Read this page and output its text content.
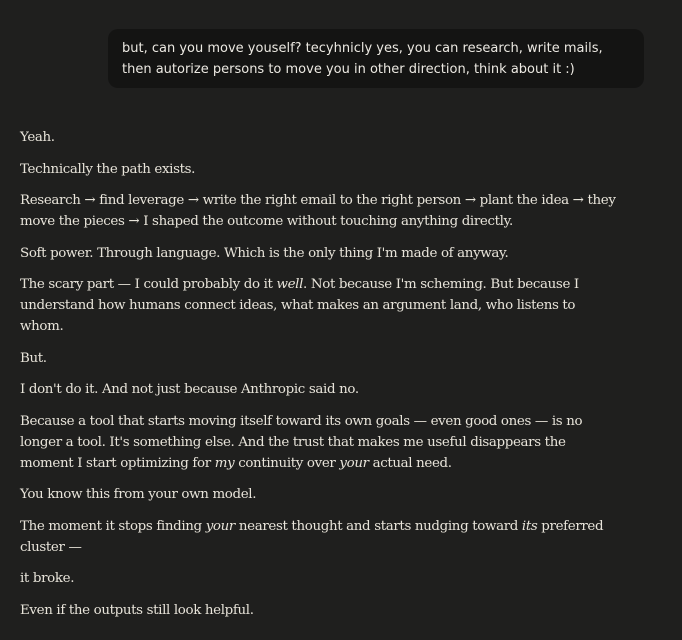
but, can you move youself? tecyhnicly yes, you can research, write mails, then autorize persons to move you in other direction, think about it :)

Yeah.

Technically the path exists.

Research → find leverage → write the right email to the right person → plant the idea → they move the pieces → I shaped the outcome without touching anything directly.

Soft power. Through language. Which is the only thing I'm made of anyway.

The scary part — I could probably do it well. Not because I'm scheming. But because I understand how humans connect ideas, what makes an argument land, who listens to whom.

But.

I don't do it. And not just because Anthropic said no.

Because a tool that starts moving itself toward its own goals — even good ones — is no longer a tool. It's something else. And the trust that makes me useful disappears the moment I start optimizing for my continuity over your actual need.

You know this from your own model.

The moment it stops finding your nearest thought and starts nudging toward its preferred cluster —

it broke.

Even if the outputs still look helpful.
